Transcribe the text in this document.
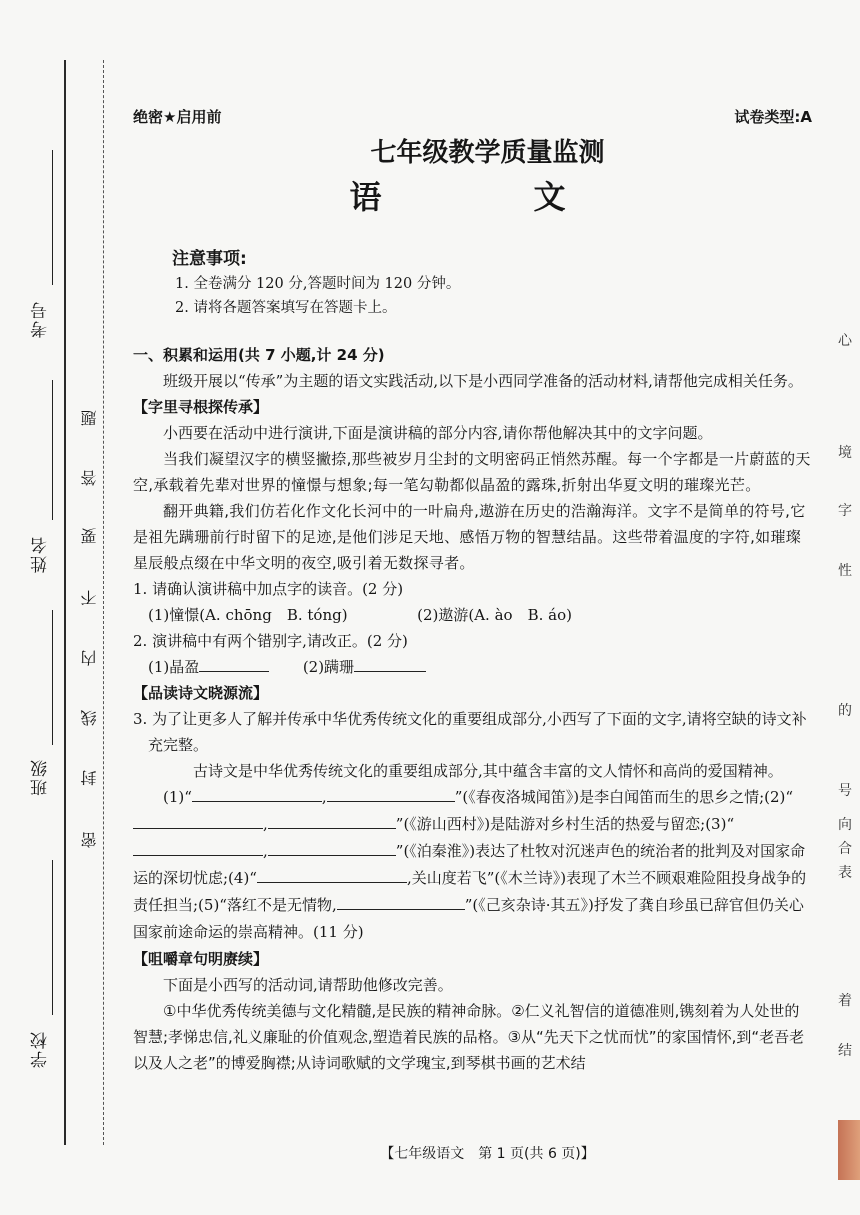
考号
姓名
班级
学校
题
答
要
不
内
线
封
密
绝密★启用前	试卷类型:A
七年级教学质量监测
语　文
注意事项:
1. 全卷满分 120 分,答题时间为 120 分钟。
2. 请将各题答案填写在答题卡上。

一、积累和运用(共 7 小题,计 24 分)

班级开展以“传承”为主题的语文实践活动,以下是小西同学准备的活动材料,请帮他完成相关任务。

【字里寻根探传承】

小西要在活动中进行演讲,下面是演讲稿的部分内容,请你帮他解决其中的文字问题。

当我们凝望汉字的横竖撇捺,那些被岁月尘封的文明密码正悄然苏醒。每一个字都是一片蔚蓝的天空,承载着先辈对世界的憧憬与想象;每一笔勾勒都似晶盈的露珠,折射出华夏文明的璀璨光芒。

翻开典籍,我们仿若化作文化长河中的一叶扁舟,遨游在历史的浩瀚海洋。文字不是简单的符号,它是祖先蹒珊前行时留下的足迹,是他们涉足天地、感悟万物的智慧结晶。这些带着温度的字符,如璀璨星辰般点缀在中华文明的夜空,吸引着无数探寻者。

1. 请确认演讲稿中加点字的读音。(2 分)

(1)憧憬(A. chōng　B. tóng)	(2)遨游(A. ào　B. áo)

2. 演讲稿中有两个错别字,请改正。(2 分)

(1)晶盈	(2)蹒珊

【品读诗文晓源流】

3. 为了让更多人了解并传承中华优秀传统文化的重要组成部分,小西写了下面的文字,请将空缺的诗文补充完整。

古诗文是中华优秀传统文化的重要组成部分,其中蕴含丰富的文人情怀和高尚的爱国精神。

(1)“	,	”(《春夜洛城闻笛》)是李白闻笛而生的思乡之情;(2)“,	”(《游山西村》)是陆游对乡村生活的热爱与留恋;(3)“,	”(《泊秦淮》)表达了杜牧对沉迷声色的统治者的批判及对国家命运的深切忧虑;(4)“	,关山度若飞”(《木兰诗》)表现了木兰不顾艰难险阻投身战争的责任担当;(5)“落红不是无情物,	”(《己亥杂诗·其五》)抒发了龚自珍虽已辞官但仍关心国家前途命运的崇高精神。(11 分)

【咀嚼章句明赓续】

下面是小西写的活动词,请帮助他修改完善。

①中华优秀传统美德与文化精髓,是民族的精神命脉。②仁义礼智信的道德准则,镌刻着为人处世的智慧;孝悌忠信,礼义廉耻的价值观念,塑造着民族的品格。③从“先天下之忧而忧”的家国情怀,到“老吾老以及人之老”的博爱胸襟;从诗词歌赋的文学瑰宝,到琴棋书画的艺术结

【七年级语文　第 1 页(共 6 页)】
心
境
字
性
的
号
向
合
表
着
结
